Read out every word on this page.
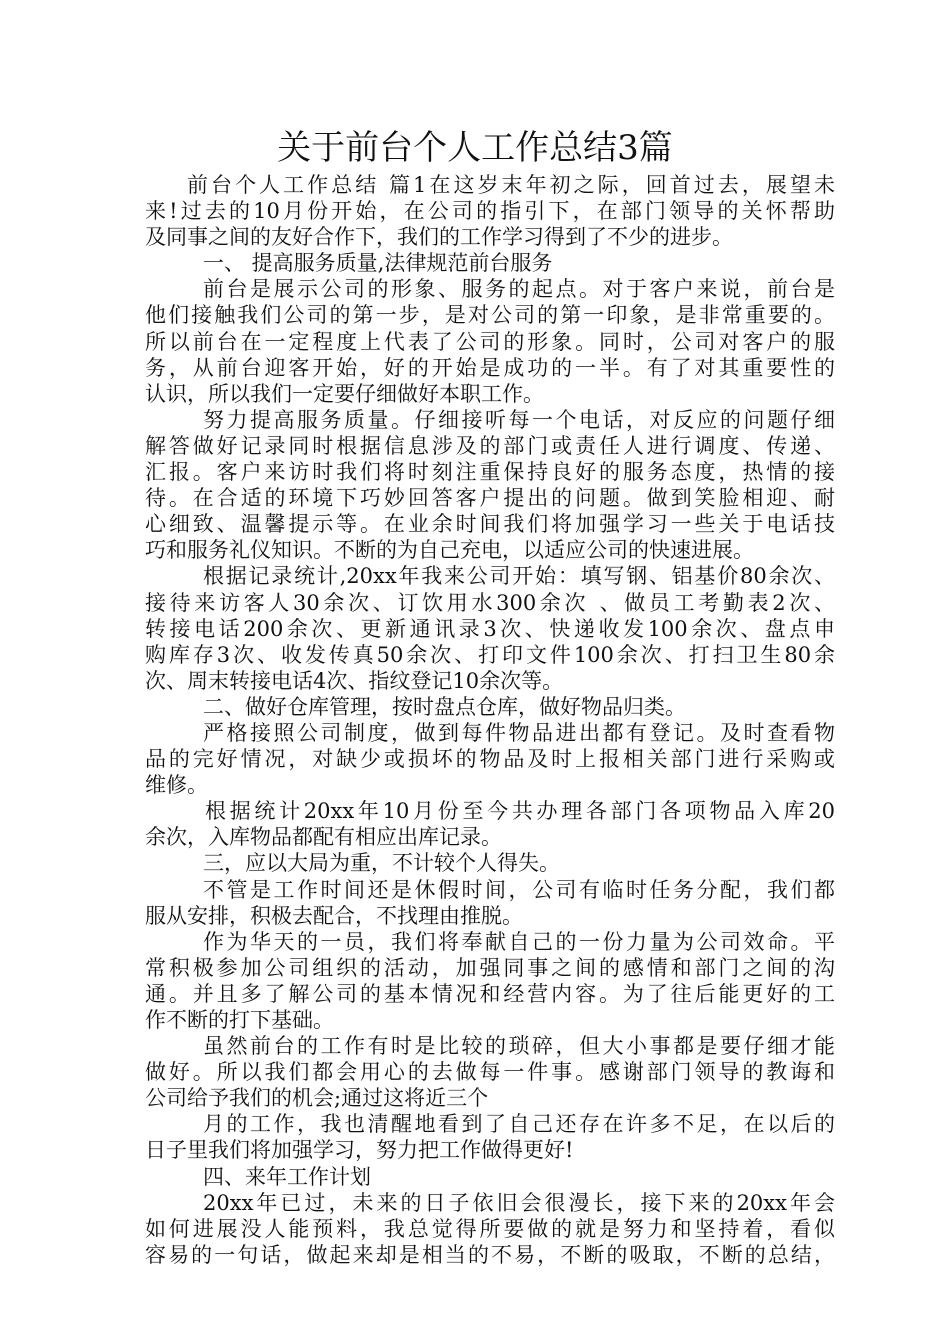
关于前台个人工作总结3篇
前台个人工作总结 篇1在这岁末年初之际，回首过去，展望未
来!过去的10月份开始，在公司的指引下，在部门领导的关怀帮助
及同事之间的友好合作下，我们的工作学习得到了不少的进步。
一、 提高服务质量,法律规范前台服务
前台是展示公司的形象、服务的起点。对于客户来说，前台是
他们接触我们公司的第一步，是对公司的第一印象，是非常重要的。
所以前台在一定程度上代表了公司的形象。同时，公司对客户的服
务，从前台迎客开始，好的开始是成功的一半。有了对其重要性的
认识，所以我们一定要仔细做好本职工作。
努力提高服务质量。仔细接听每一个电话，对反应的问题仔细
解答做好记录同时根据信息涉及的部门或责任人进行调度、传递、
汇报。客户来访时我们将时刻注重保持良好的服务态度，热情的接
待。在合适的环境下巧妙回答客户提出的问题。做到笑脸相迎、耐
心细致、温馨提示等。在业余时间我们将加强学习一些关于电话技
巧和服务礼仪知识。不断的为自己充电，以适应公司的快速进展。
根据记录统计,20xx年我来公司开始：填写钢、铝基价80余次、
接待来访客人30余次、订饮用水300余次 、做员工考勤表2次、
转接电话200余次、更新通讯录3次、快递收发100余次、盘点申
购库存3次、收发传真50余次、打印文件100余次、打扫卫生80余
次、周末转接电话4次、指纹登记10余次等。
二、做好仓库管理，按时盘点仓库，做好物品归类。
严格接照公司制度，做到每件物品进出都有登记。及时查看物
品的完好情况，对缺少或损坏的物品及时上报相关部门进行采购或
维修。
根据统计20xx年10月份至今共办理各部门各项物品入库20
余次，入库物品都配有相应出库记录。
三，应以大局为重，不计较个人得失。
不管是工作时间还是休假时间，公司有临时任务分配，我们都
服从安排，积极去配合，不找理由推脱。
作为华天的一员，我们将奉献自己的一份力量为公司效命。平
常积极参加公司组织的活动，加强同事之间的感情和部门之间的沟
通。并且多了解公司的基本情况和经营内容。为了往后能更好的工
作不断的打下基础。
虽然前台的工作有时是比较的琐碎，但大小事都是要仔细才能
做好。所以我们都会用心的去做每一件事。感谢部门领导的教诲和
公司给予我们的机会;通过这将近三个
月的工作，我也清醒地看到了自己还存在许多不足，在以后的
日子里我们将加强学习，努力把工作做得更好!
四、来年工作计划
20xx年已过，未来的日子依旧会很漫长，接下来的20xx年会
如何进展没人能预料，我总觉得所要做的就是努力和坚持着，看似
容易的一句话，做起来却是相当的不易，不断的吸取，不断的总结，
